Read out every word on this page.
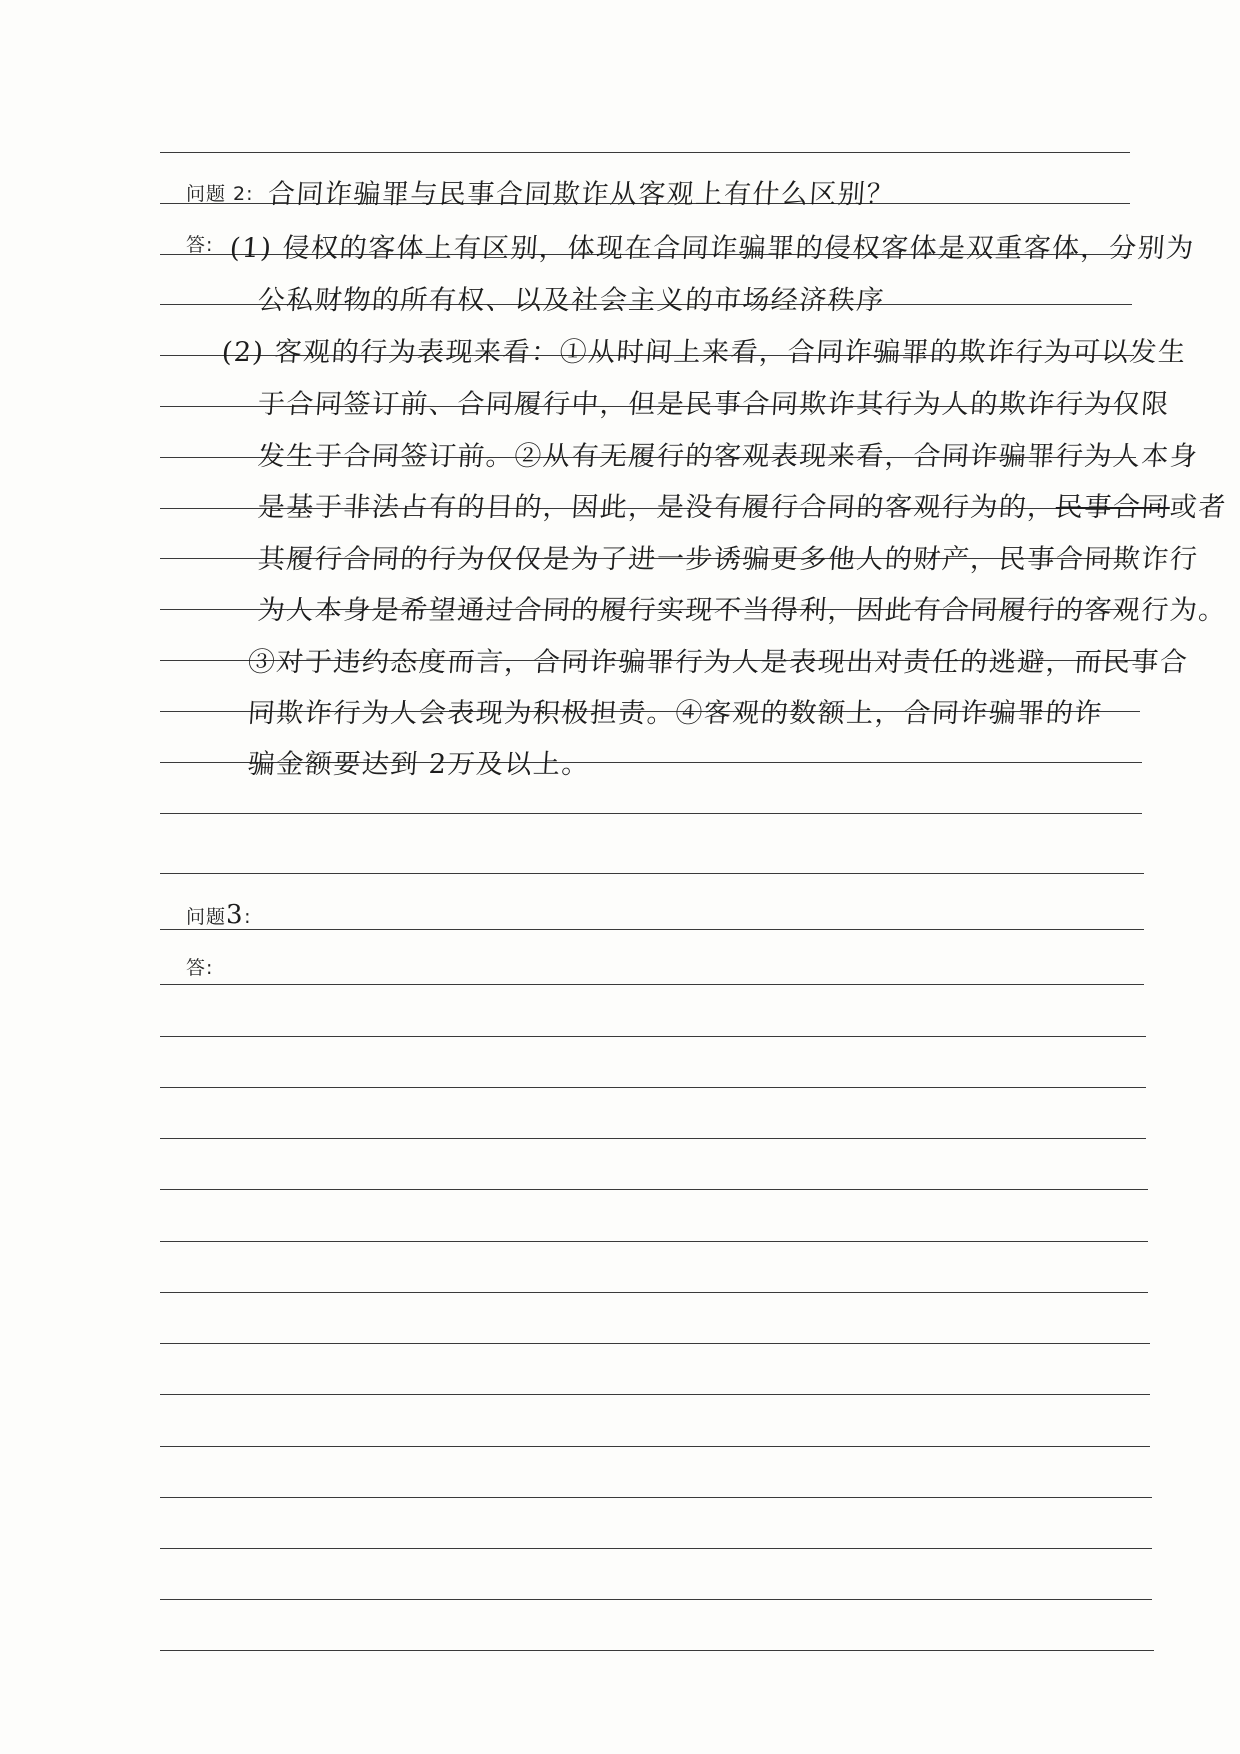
问题 2: 合同诈骗罪与民事合同欺诈从客观上有什么区别？
答: (1) 侵权的客体上有区别，体现在合同诈骗罪的侵权客体是双重客体，分别为
公私财物的所有权、以及社会主义的市场经济秩序
(2) 客观的行为表现来看：①从时间上来看，合同诈骗罪的欺诈行为可以发生
于合同签订前、合同履行中，但是民事合同欺诈其行为人的欺诈行为仅限
发生于合同签订前。②从有无履行的客观表现来看，合同诈骗罪行为人本身
是基于非法占有的目的，因此，是没有履行合同的客观行为的，民事合同或者
其履行合同的行为仅仅是为了进一步诱骗更多他人的财产，民事合同欺诈行
为人本身是希望通过合同的履行实现不当得利，因此有合同履行的客观行为。
③对于违约态度而言，合同诈骗罪行为人是表现出对责任的逃避，而民事合
同欺诈行为人会表现为积极担责。④客观的数额上，合同诈骗罪的诈
骗金额要达到 2万及以上。
问题3:
答:
